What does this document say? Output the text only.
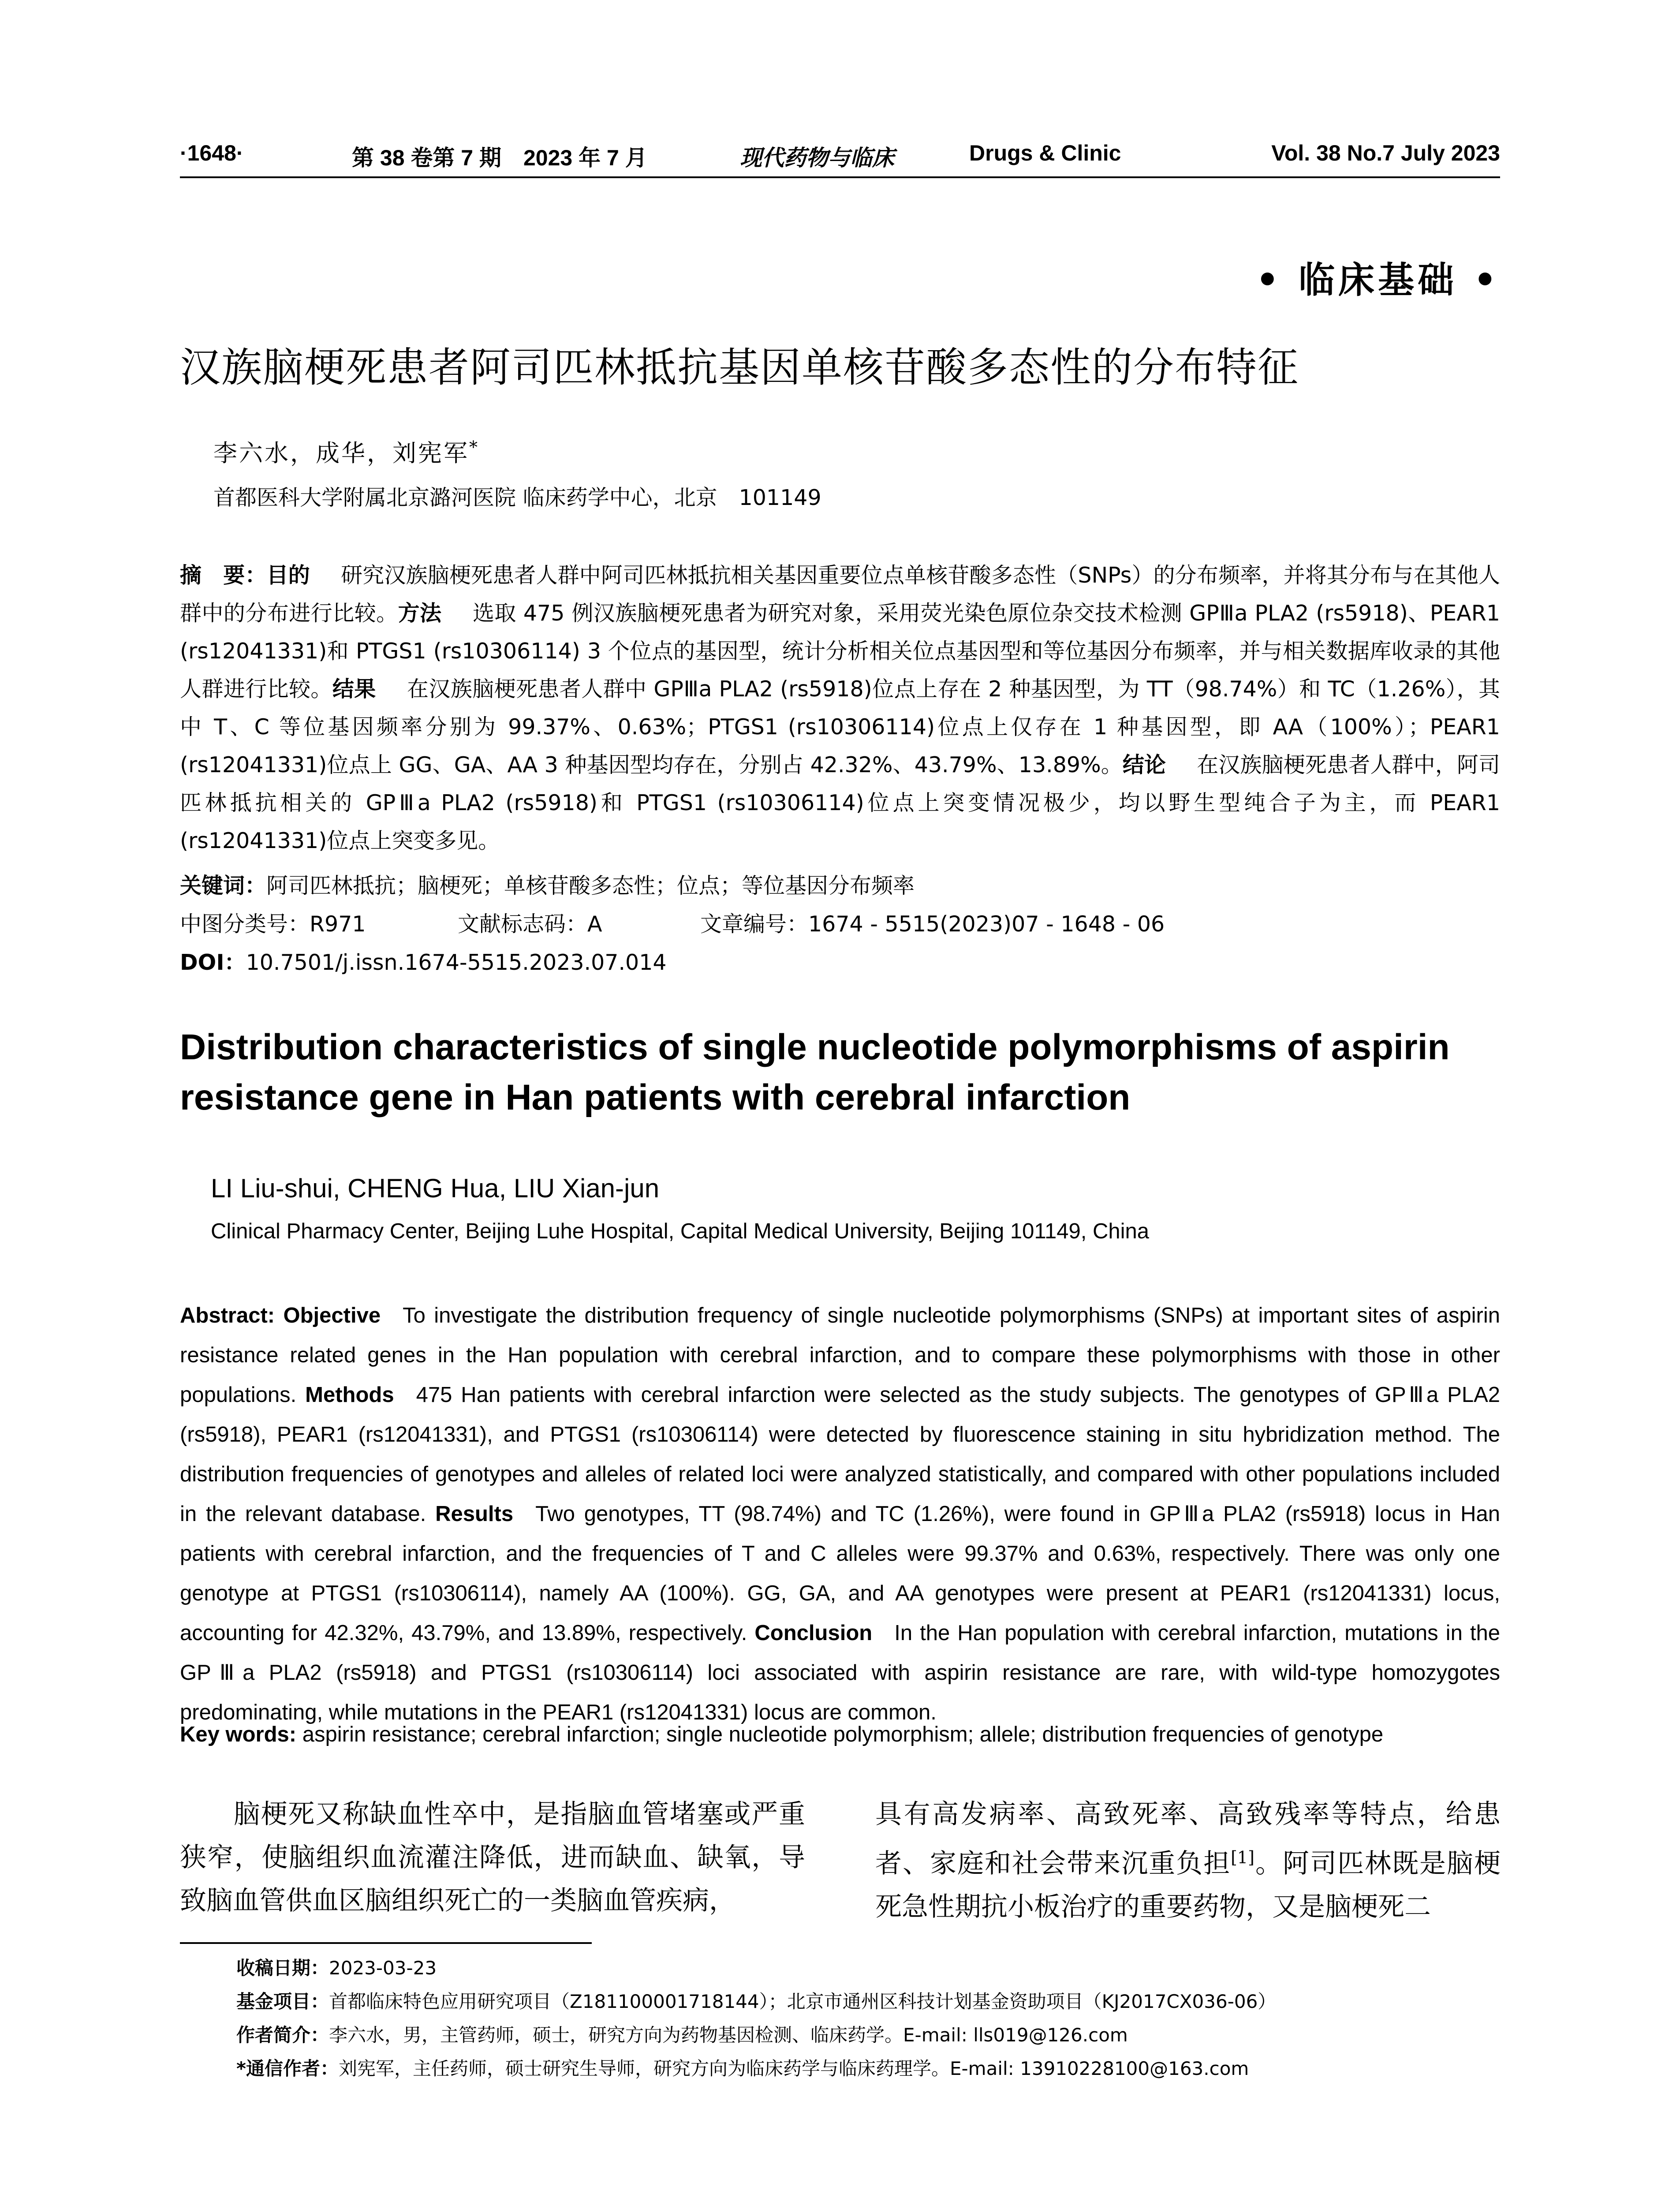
·1648·	第 38 卷第 7 期　2023 年 7 月	现代药物与临床	Drugs & Clinic	Vol. 38 No.7 July 2023
• 临床基础 •
汉族脑梗死患者阿司匹林抵抗基因单核苷酸多态性的分布特征
李六水，成华，刘宪军*
首都医科大学附属北京潞河医院 临床药学中心，北京　101149
摘　要：目的 研究汉族脑梗死患者人群中阿司匹林抵抗相关基因重要位点单核苷酸多态性（SNPs）的分布频率，并将其分布与在其他人群中的分布进行比较。方法 选取 475 例汉族脑梗死患者为研究对象，采用荧光染色原位杂交技术检测 GPⅢa PLA2 (rs5918)、PEAR1 (rs12041331)和 PTGS1 (rs10306114) 3 个位点的基因型，统计分析相关位点基因型和等位基因分布频率，并与相关数据库收录的其他人群进行比较。结果 在汉族脑梗死患者人群中 GPⅢa PLA2 (rs5918)位点上存在 2 种基因型，为 TT（98.74%）和 TC（1.26%），其中 T、C 等位基因频率分别为 99.37%、0.63%；PTGS1 (rs10306114)位点上仅存在 1 种基因型，即 AA（100%）；PEAR1 (rs12041331)位点上 GG、GA、AA 3 种基因型均存在，分别占 42.32%、43.79%、13.89%。结论 在汉族脑梗死患者人群中，阿司匹林抵抗相关的 GPⅢa PLA2 (rs5918)和 PTGS1 (rs10306114)位点上突变情况极少，均以野生型纯合子为主，而 PEAR1 (rs12041331)位点上突变多见。
关键词：阿司匹林抵抗；脑梗死；单核苷酸多态性；位点；等位基因分布频率
中图分类号：R971	文献标志码：A	文章编号：1674 - 5515(2023)07 - 1648 - 06
DOI：10.7501/j.issn.1674-5515.2023.07.014
Distribution characteristics of single nucleotide polymorphisms of aspirin resistance gene in Han patients with cerebral infarction
LI Liu-shui, CHENG Hua, LIU Xian-jun
Clinical Pharmacy Center, Beijing Luhe Hospital, Capital Medical University, Beijing 101149, China
Abstract: Objective To investigate the distribution frequency of single nucleotide polymorphisms (SNPs) at important sites of aspirin resistance related genes in the Han population with cerebral infarction, and to compare these polymorphisms with those in other populations. Methods 475 Han patients with cerebral infarction were selected as the study subjects. The genotypes of GPⅢa PLA2 (rs5918), PEAR1 (rs12041331), and PTGS1 (rs10306114) were detected by fluorescence staining in situ hybridization method. The distribution frequencies of genotypes and alleles of related loci were analyzed statistically, and compared with other populations included in the relevant database. Results Two genotypes, TT (98.74%) and TC (1.26%), were found in GPⅢa PLA2 (rs5918) locus in Han patients with cerebral infarction, and the frequencies of T and C alleles were 99.37% and 0.63%, respectively. There was only one genotype at PTGS1 (rs10306114), namely AA (100%). GG, GA, and AA genotypes were present at PEAR1 (rs12041331) locus, accounting for 42.32%, 43.79%, and 13.89%, respectively. Conclusion In the Han population with cerebral infarction, mutations in the GPⅢa PLA2 (rs5918) and PTGS1 (rs10306114) loci associated with aspirin resistance are rare, with wild-type homozygotes predominating, while mutations in the PEAR1 (rs12041331) locus are common.
Key words: aspirin resistance; cerebral infarction; single nucleotide polymorphism; allele; distribution frequencies of genotype
脑梗死又称缺血性卒中，是指脑血管堵塞或严重狭窄，使脑组织血流灌注降低，进而缺血、缺氧，导致脑血管供血区脑组织死亡的一类脑血管疾病，
具有高发病率、高致死率、高致残率等特点，给患者、家庭和社会带来沉重负担[1]。阿司匹林既是脑梗死急性期抗小板治疗的重要药物，又是脑梗死二
收稿日期：2023-03-23
基金项目：首都临床特色应用研究项目（Z181100001718144）；北京市通州区科技计划基金资助项目（KJ2017CX036-06）
作者简介：李六水，男，主管药师，硕士，研究方向为药物基因检测、临床药学。E-mail: lls019@126.com
*通信作者：刘宪军，主任药师，硕士研究生导师，研究方向为临床药学与临床药理学。E-mail: 13910228100@163.com
